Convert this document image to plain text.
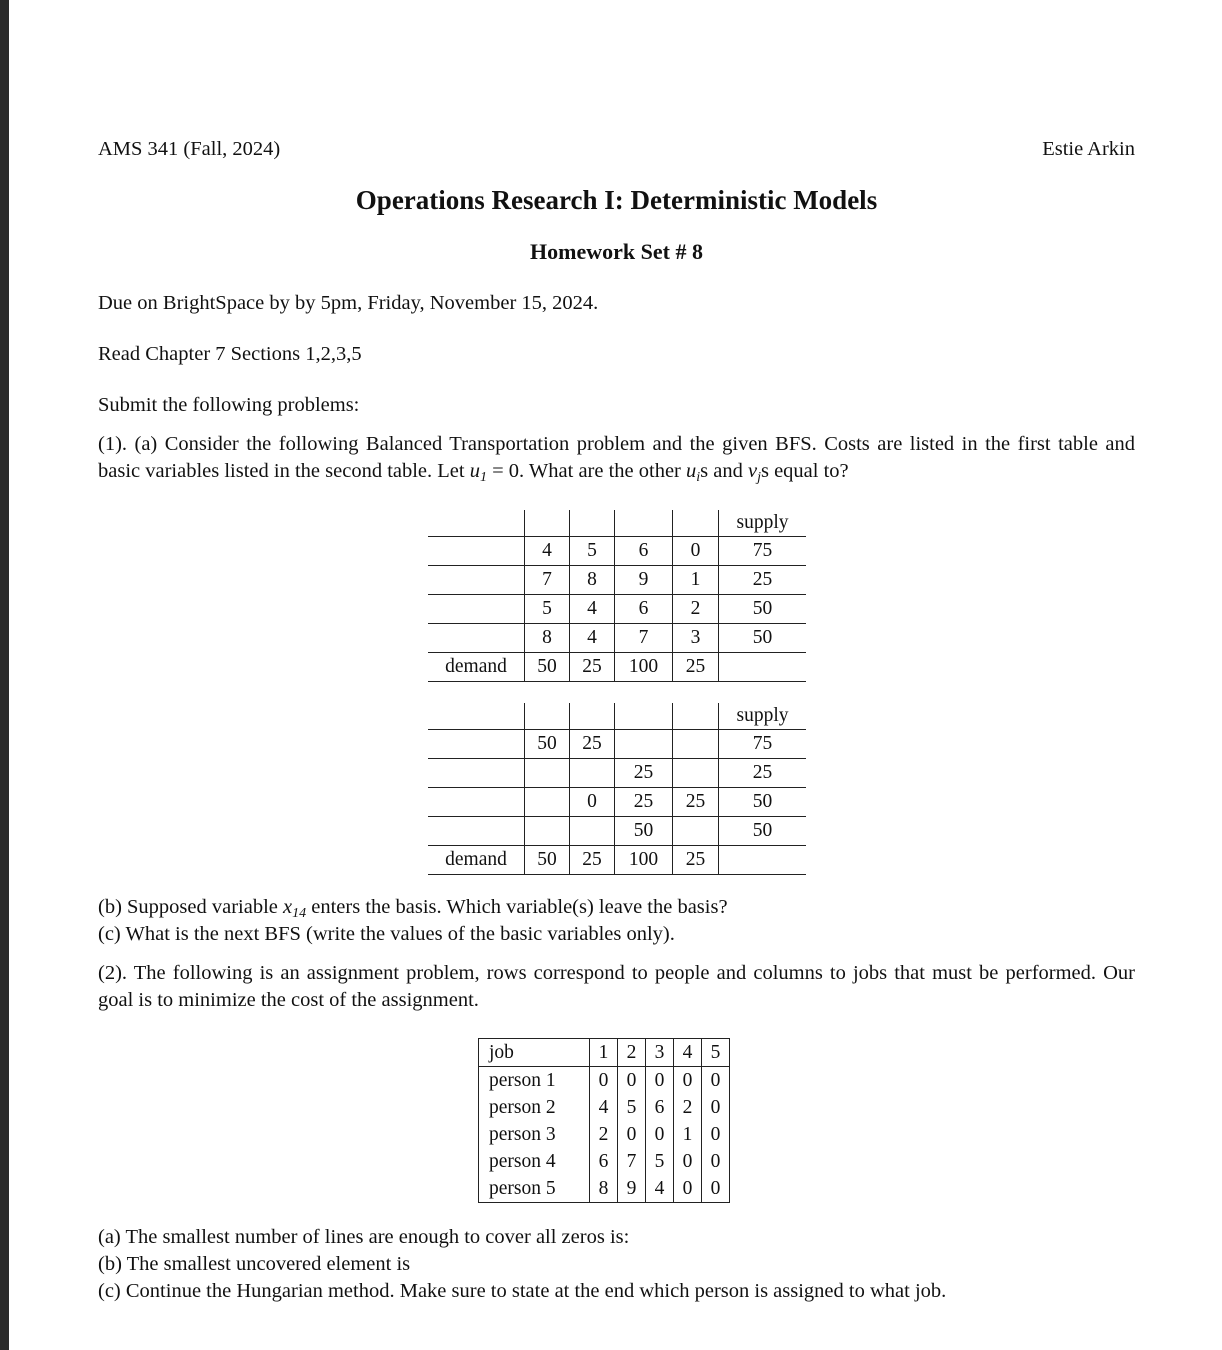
AMS 341 (Fall, 2024)	Estie Arkin
Operations Research I: Deterministic Models
Homework Set # 8
Due on BrightSpace by by 5pm, Friday, November 15, 2024.
Read Chapter 7 Sections 1,2,3,5
Submit the following problems:
(1). (a) Consider the following Balanced Transportation problem and the given BFS. Costs are listed in the first table and basic variables listed in the second table. Let $u_1 = 0$. What are the other $u_is$ and $v_js$ equal to?
					supply
	4	5	6	0	75
	7	8	9	1	25
	5	4	6	2	50
	8	4	7	3	50
demand	50	25	100	25	
					supply
	50	25			75
			25		25
		0	25	25	50
			50		50
demand	50	25	100	25	
(b) Supposed variable $x_{14}$ enters the basis. Which variable(s) leave the basis?
(c) What is the next BFS (write the values of the basic variables only).
(2). The following is an assignment problem, rows correspond to people and columns to jobs that must be performed. Our goal is to minimize the cost of the assignment.
job	1	2	3	4	5
person 1	0	0	0	0	0
person 2	4	5	6	2	0
person 3	2	0	0	1	0
person 4	6	7	5	0	0
person 5	8	9	4	0	0
(a) The smallest number of lines are enough to cover all zeros is:
(b) The smallest uncovered element is
(c) Continue the Hungarian method. Make sure to state at the end which person is assigned to what job.
